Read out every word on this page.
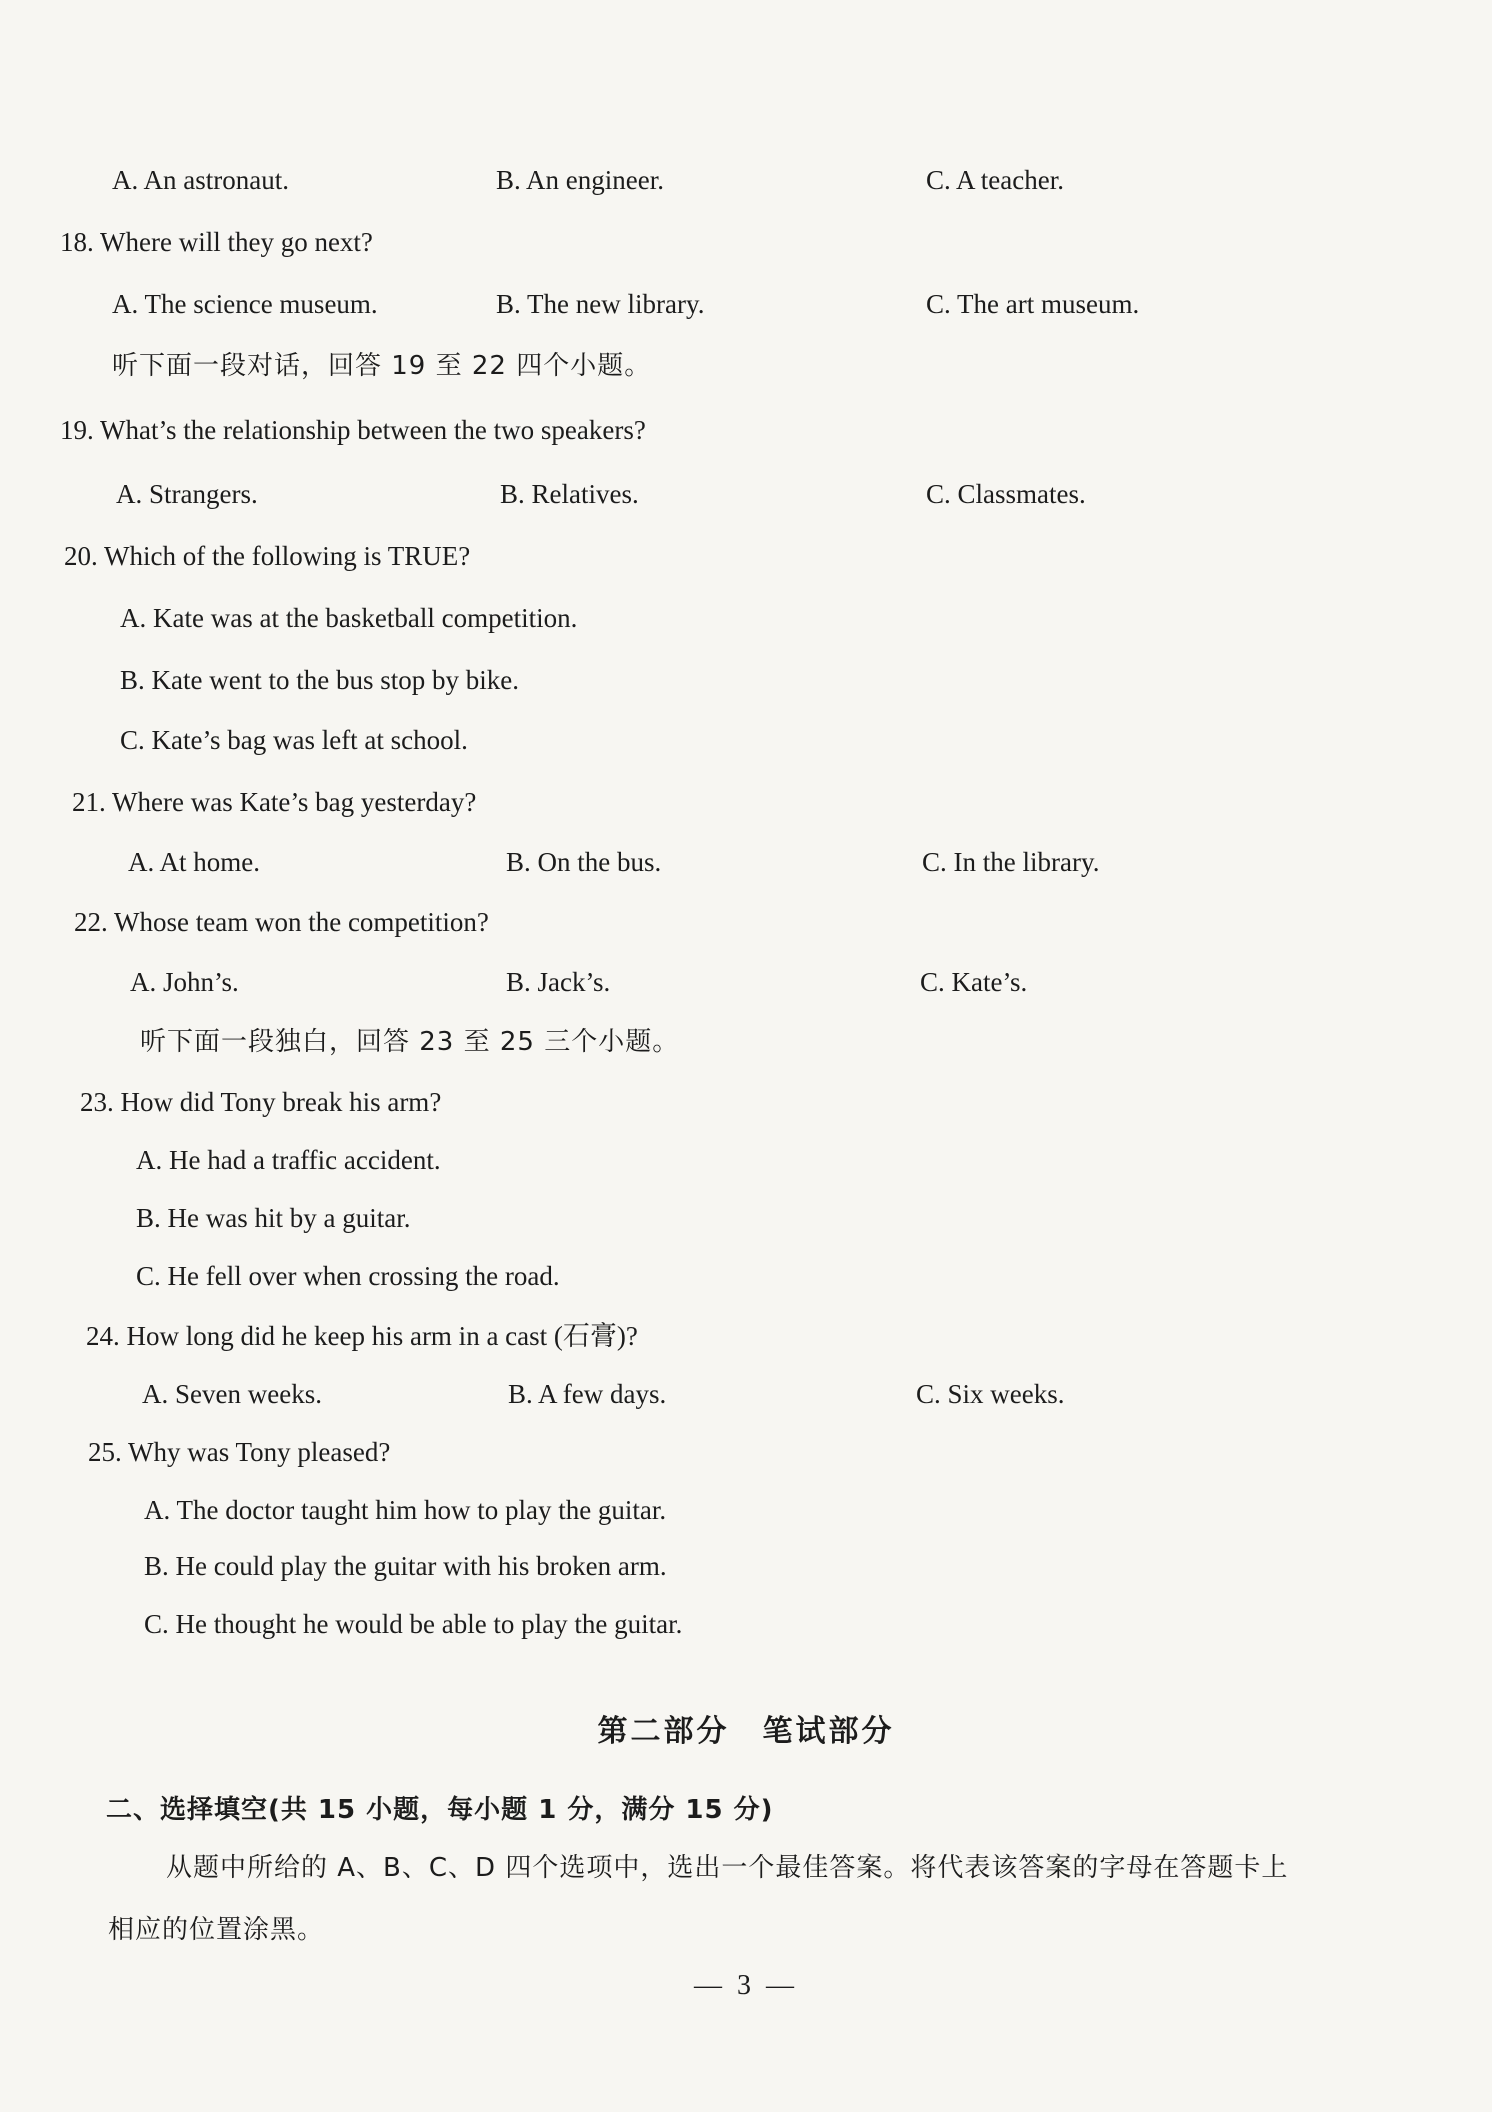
A. An astronaut.	B. An engineer.	C. A teacher.
18. Where will they go next?
A. The science museum.	B. The new library.	C. The art museum.
听下面一段对话，回答 19 至 22 四个小题。
19. What’s the relationship between the two speakers?
A. Strangers.	B. Relatives.	C. Classmates.
20. Which of the following is TRUE?
A. Kate was at the basketball competition.
B. Kate went to the bus stop by bike.
C. Kate’s bag was left at school.
21. Where was Kate’s bag yesterday?
A. At home.	B. On the bus.	C. In the library.
22. Whose team won the competition?
A. John’s.	B. Jack’s.	C. Kate’s.
听下面一段独白，回答 23 至 25 三个小题。
23. How did Tony break his arm?
A. He had a traffic accident.
B. He was hit by a guitar.
C. He fell over when crossing the road.
24. How long did he keep his arm in a cast (石膏)?
A. Seven weeks.	B. A few days.	C. Six weeks.
25. Why was Tony pleased?
A. The doctor taught him how to play the guitar.
B. He could play the guitar with his broken arm.
C. He thought he would be able to play the guitar.
第二部分　笔试部分
二、选择填空(共 15 小题，每小题 1 分，满分 15 分)
从题中所给的 A、B、C、D 四个选项中，选出一个最佳答案。将代表该答案的字母在答题卡上
相应的位置涂黑。
— 3 —
